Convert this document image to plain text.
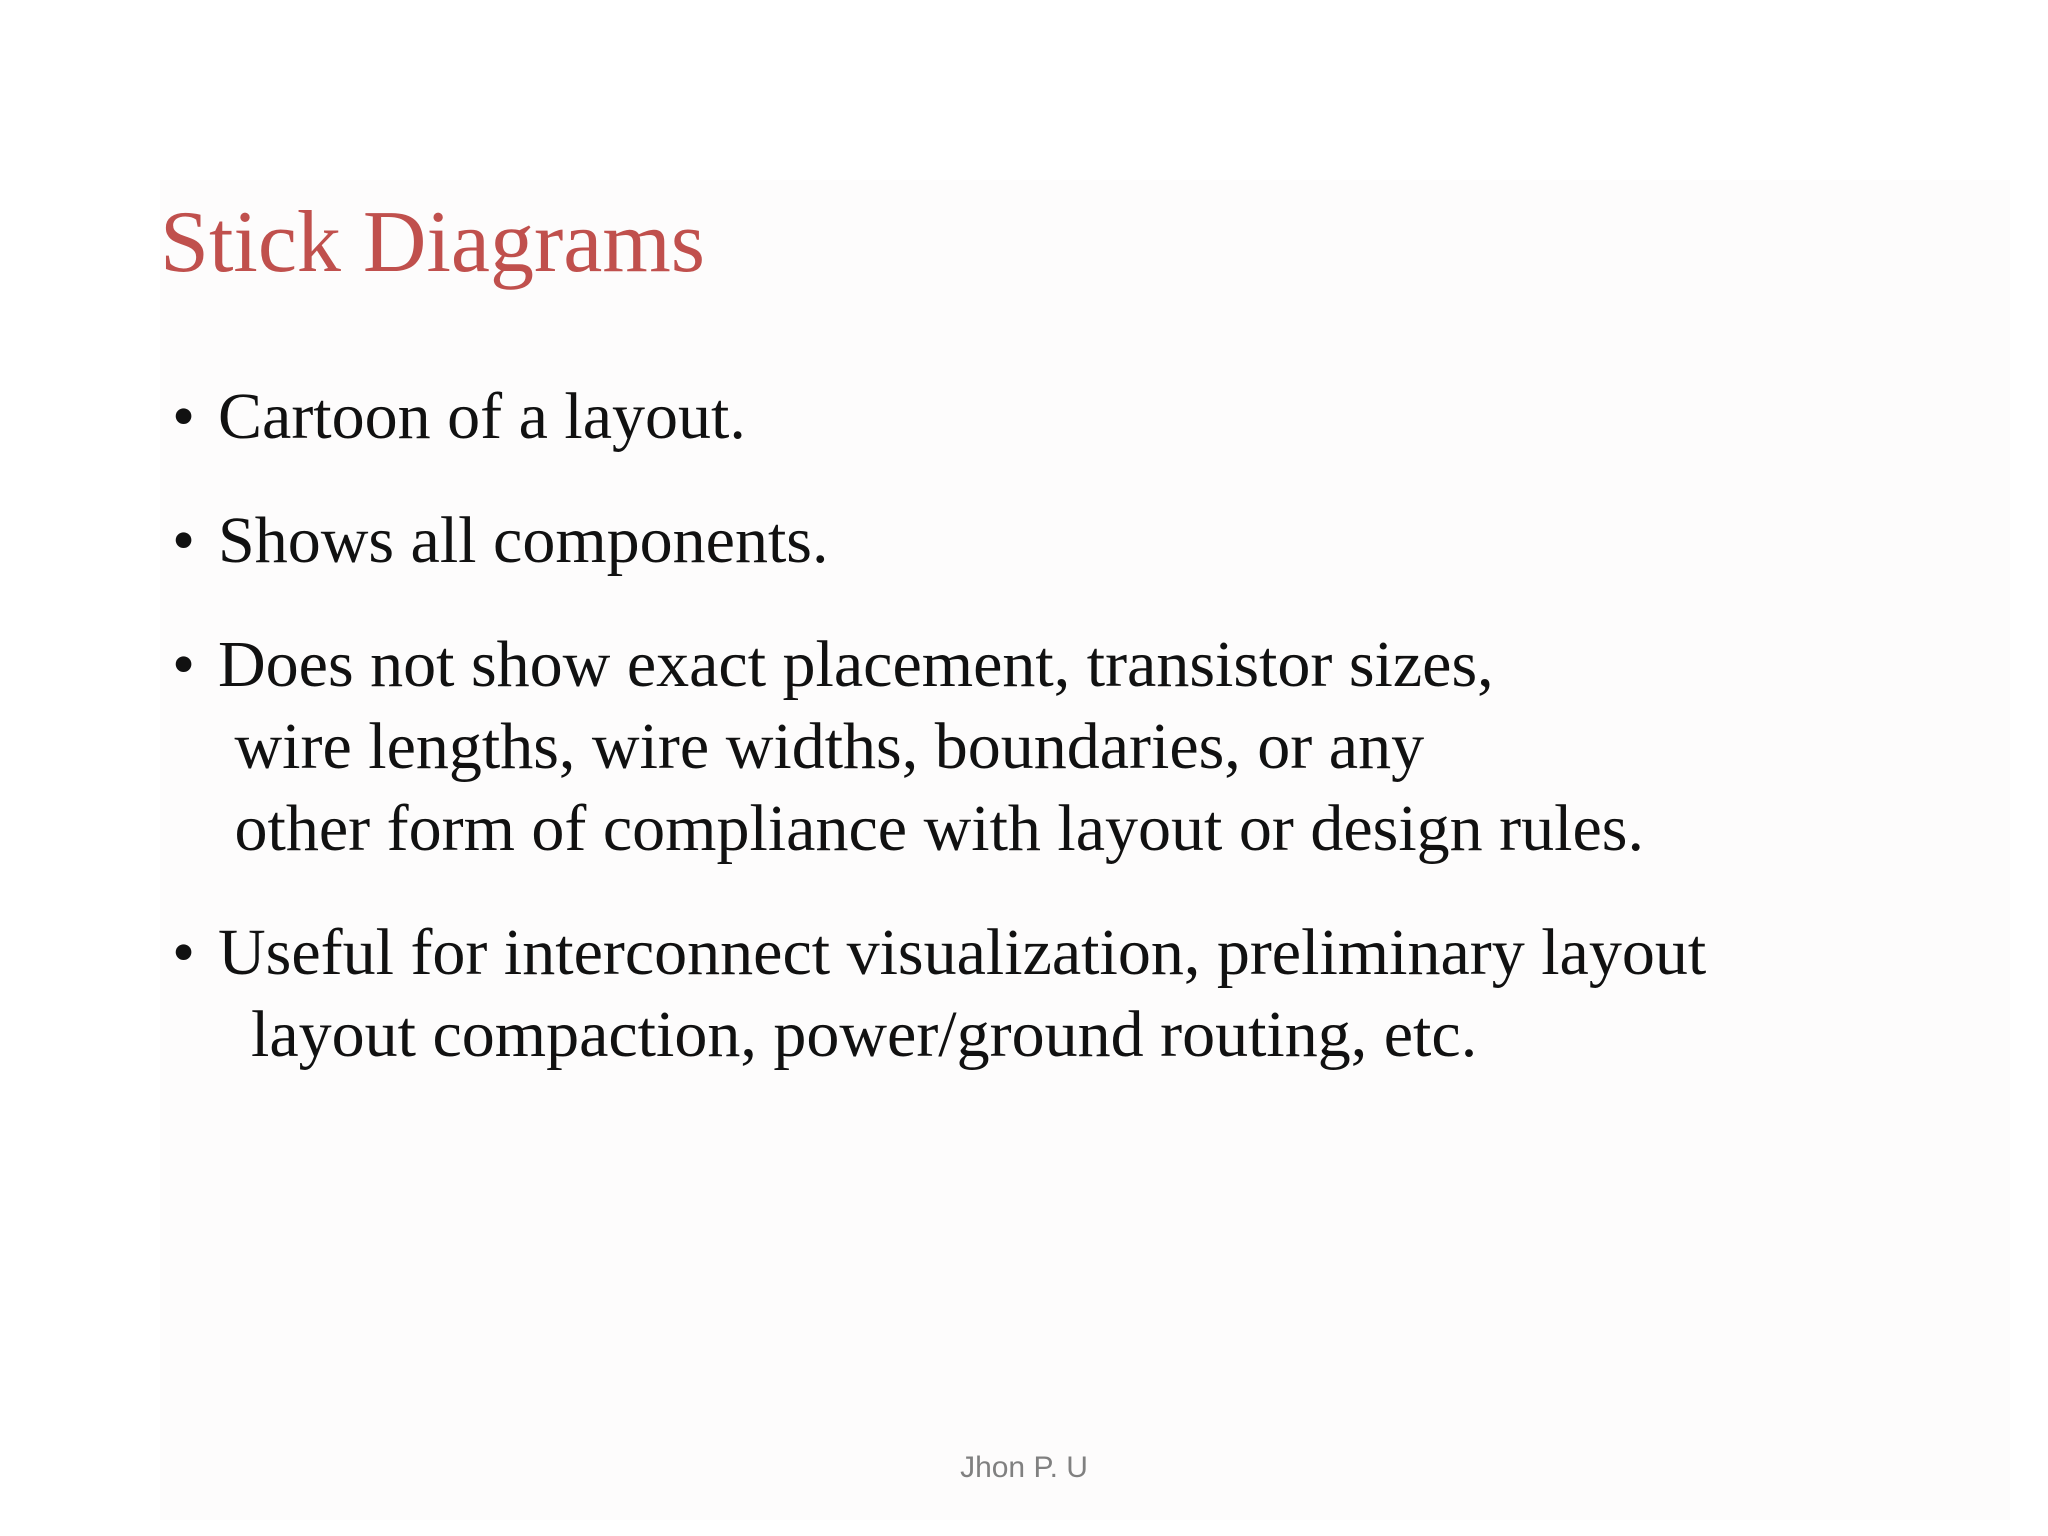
Stick Diagrams
• Cartoon of a layout.
• Shows all components.
• Does not show exact placement, transistor sizes,
wire lengths, wire widths, boundaries, or any
other form of compliance with layout or design rules.
• Useful for interconnect visualization, preliminary layout
layout compaction, power/ground routing, etc.
Jhon P. U
